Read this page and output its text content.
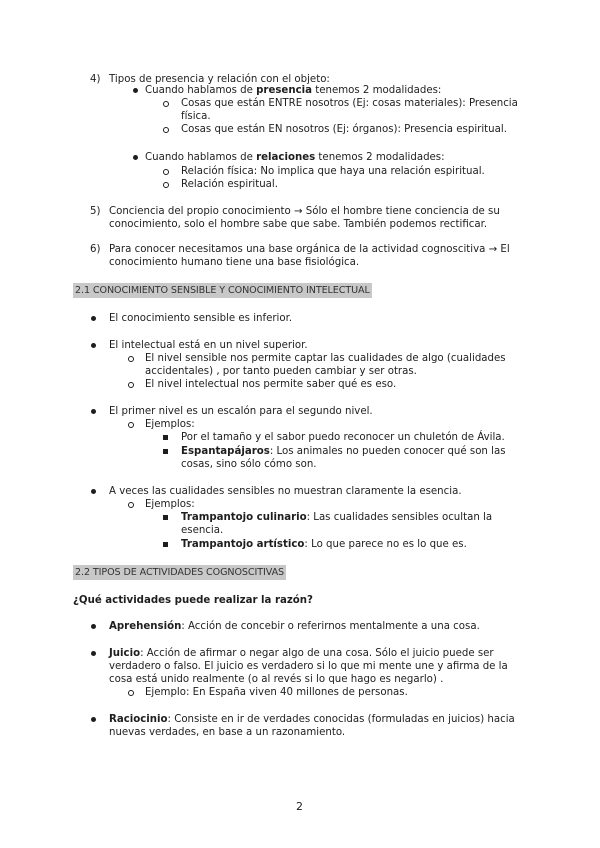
4) Tipos de presencia y relación con el objeto:
Cuando hablamos de presencia tenemos 2 modalidades:
Cosas que están ENTRE nosotros (Ej: cosas materiales): Presencia
física.
Cosas que están EN nosotros (Ej: órganos): Presencia espiritual.
Cuando hablamos de relaciones tenemos 2 modalidades:
Relación física: No implica que haya una relación espiritual.
Relación espiritual.
5) Conciencia del propio conocimiento → Sólo el hombre tiene conciencia de su
conocimiento, solo el hombre sabe que sabe. También podemos rectificar.
6) Para conocer necesitamos una base orgánica de la actividad cognoscitiva → El
conocimiento humano tiene una base fisiológica.
2.1 CONOCIMIENTO SENSIBLE Y CONOCIMIENTO INTELECTUAL
El conocimiento sensible es inferior.
El intelectual está en un nivel superior.
El nivel sensible nos permite captar las cualidades de algo (cualidades
accidentales) , por tanto pueden cambiar y ser otras.
El nivel intelectual nos permite saber qué es eso.
El primer nivel es un escalón para el segundo nivel.
Ejemplos:
Por el tamaño y el sabor puedo reconocer un chuletón de Ávila.
Espantapájaros: Los animales no pueden conocer qué son las
cosas, sino sólo cómo son.
A veces las cualidades sensibles no muestran claramente la esencia.
Ejemplos:
Trampantojo culinario: Las cualidades sensibles ocultan la
esencia.
Trampantojo artístico: Lo que parece no es lo que es.
2.2 TIPOS DE ACTIVIDADES COGNOSCITIVAS
¿Qué actividades puede realizar la razón?
Aprehensión: Acción de concebir o referirnos mentalmente a una cosa.
Juicio: Acción de afirmar o negar algo de una cosa. Sólo el juicio puede ser
verdadero o falso. El juicio es verdadero si lo que mi mente une y afirma de la
cosa está unido realmente (o al revés si lo que hago es negarlo) .
Ejemplo: En España viven 40 millones de personas.
Raciocinio: Consiste en ir de verdades conocidas (formuladas en juicios) hacia
nuevas verdades, en base a un razonamiento.
2
